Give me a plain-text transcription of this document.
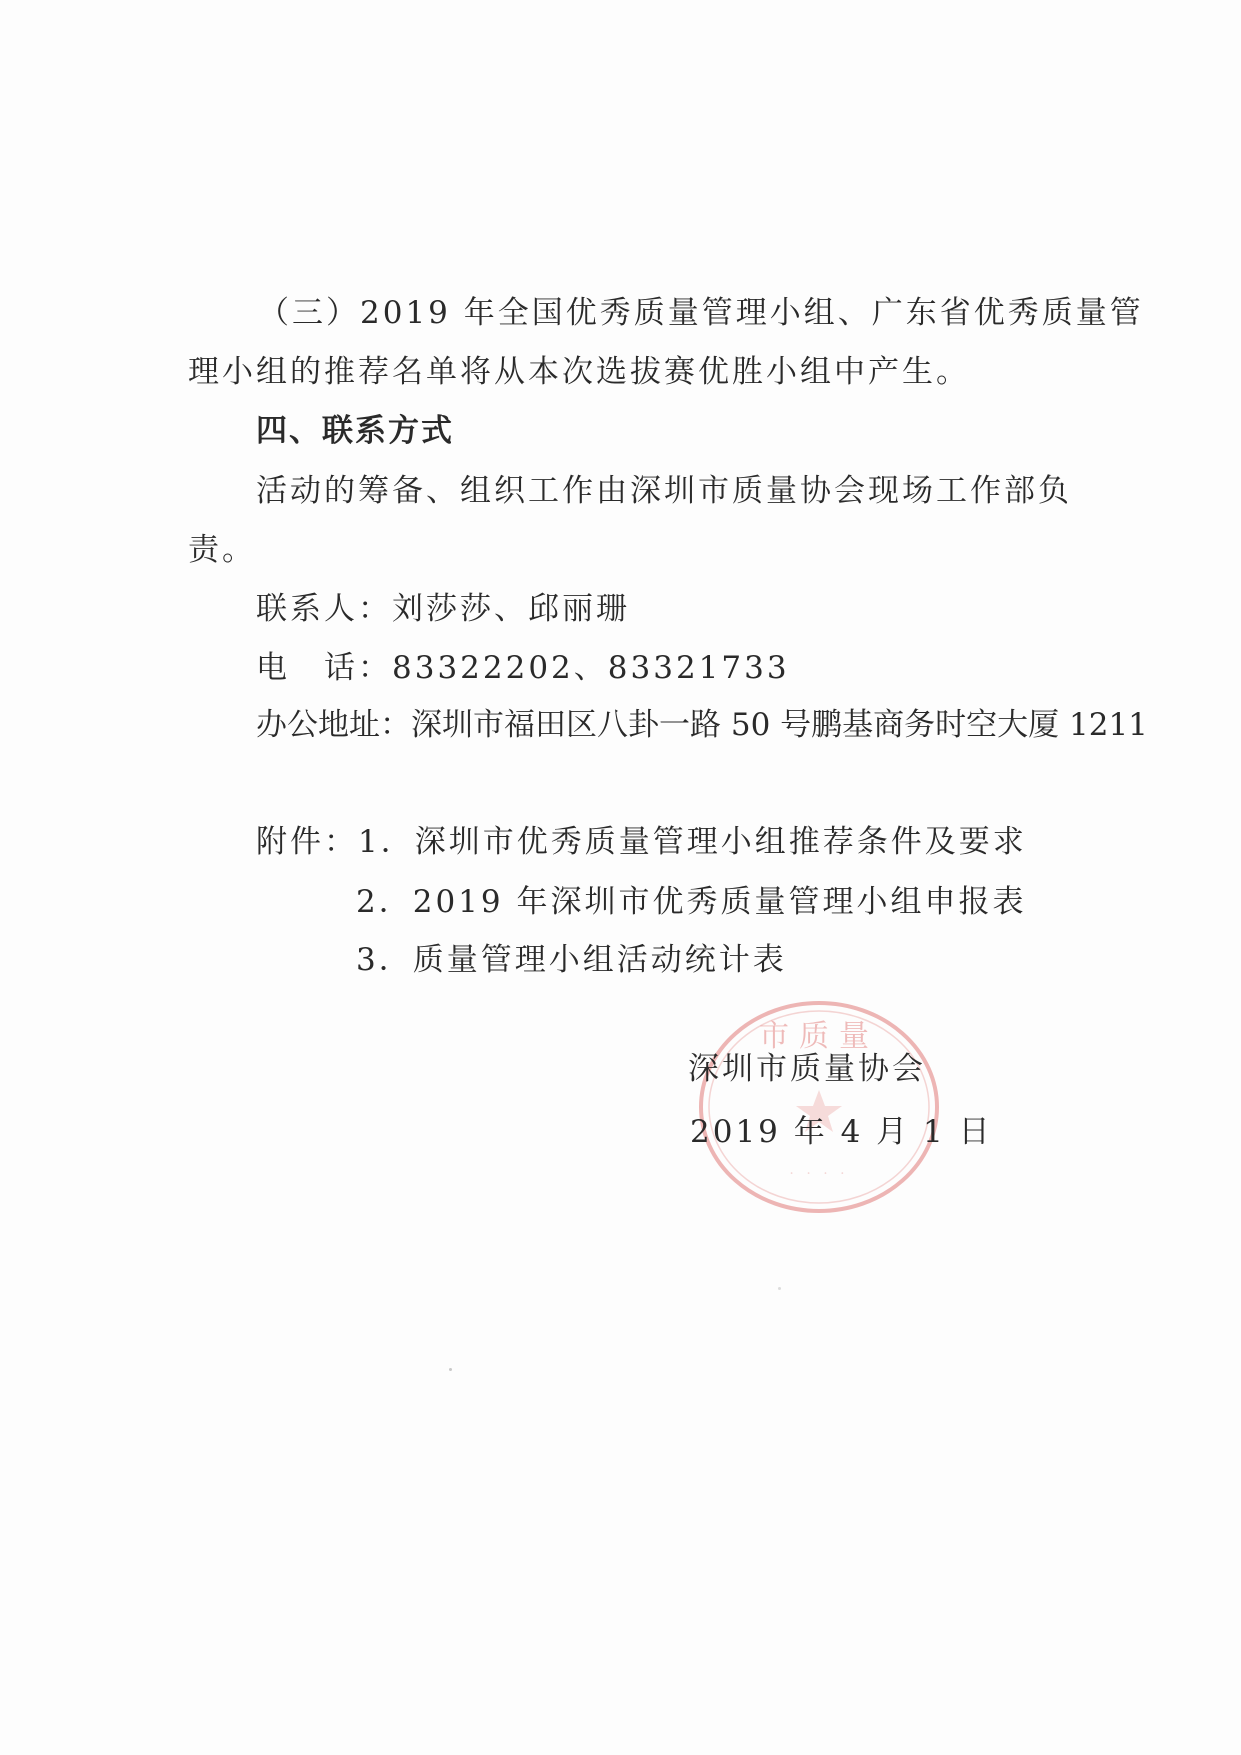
（三）2019 年全国优秀质量管理小组、广东省优秀质量管
理小组的推荐名单将从本次选拔赛优胜小组中产生。
四、联系方式
活动的筹备、组织工作由深圳市质量协会现场工作部负
责。
联系人：刘莎莎、邱丽珊
电　话：83322202、83321733
办公地址：深圳市福田区八卦一路 50 号鹏基商务时空大厦 1211
附件：1．深圳市优秀质量管理小组推荐条件及要求
2．2019 年深圳市优秀质量管理小组申报表
3．质量管理小组活动统计表
市质量
· · · ·
深圳市质量协会
2019 年 4 月 1 日
